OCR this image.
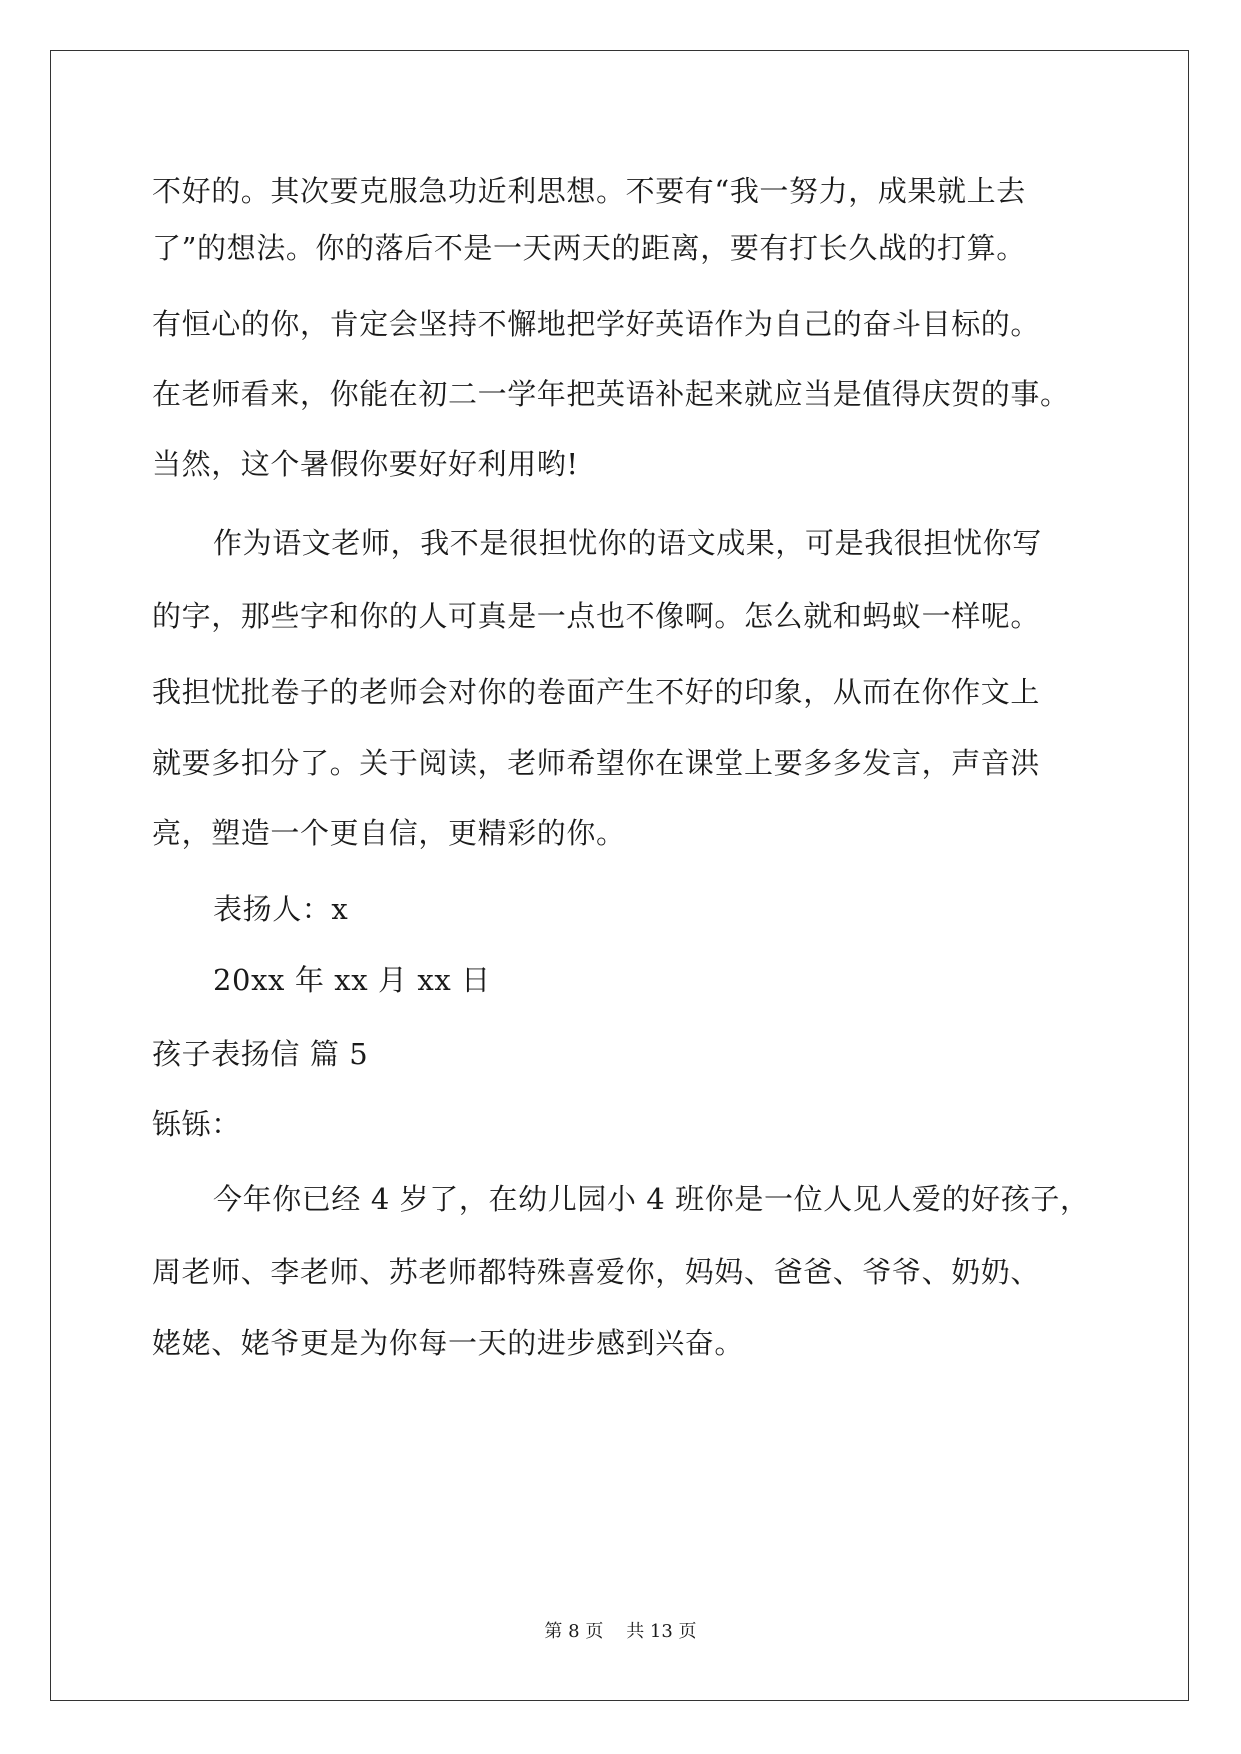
不好的。其次要克服急功近利思想。不要有“我一努力，成果就上去
了”的想法。你的落后不是一天两天的距离，要有打长久战的打算。
有恒心的你，肯定会坚持不懈地把学好英语作为自己的奋斗目标的。
在老师看来，你能在初二一学年把英语补起来就应当是值得庆贺的事。
当然，这个暑假你要好好利用哟!
作为语文老师，我不是很担忧你的语文成果，可是我很担忧你写
的字，那些字和你的人可真是一点也不像啊。怎么就和蚂蚁一样呢。
我担忧批卷子的老师会对你的卷面产生不好的印象，从而在你作文上
就要多扣分了。关于阅读，老师希望你在课堂上要多多发言，声音洪
亮，塑造一个更自信，更精彩的你。
表扬人：x
20xx 年 xx 月 xx 日
孩子表扬信 篇 5
铄铄：
今年你已经 4 岁了，在幼儿园小 4 班你是一位人见人爱的好孩子，
周老师、李老师、苏老师都特殊喜爱你，妈妈、爸爸、爷爷、奶奶、
姥姥、姥爷更是为你每一天的进步感到兴奋。
第 8 页    共 13 页
